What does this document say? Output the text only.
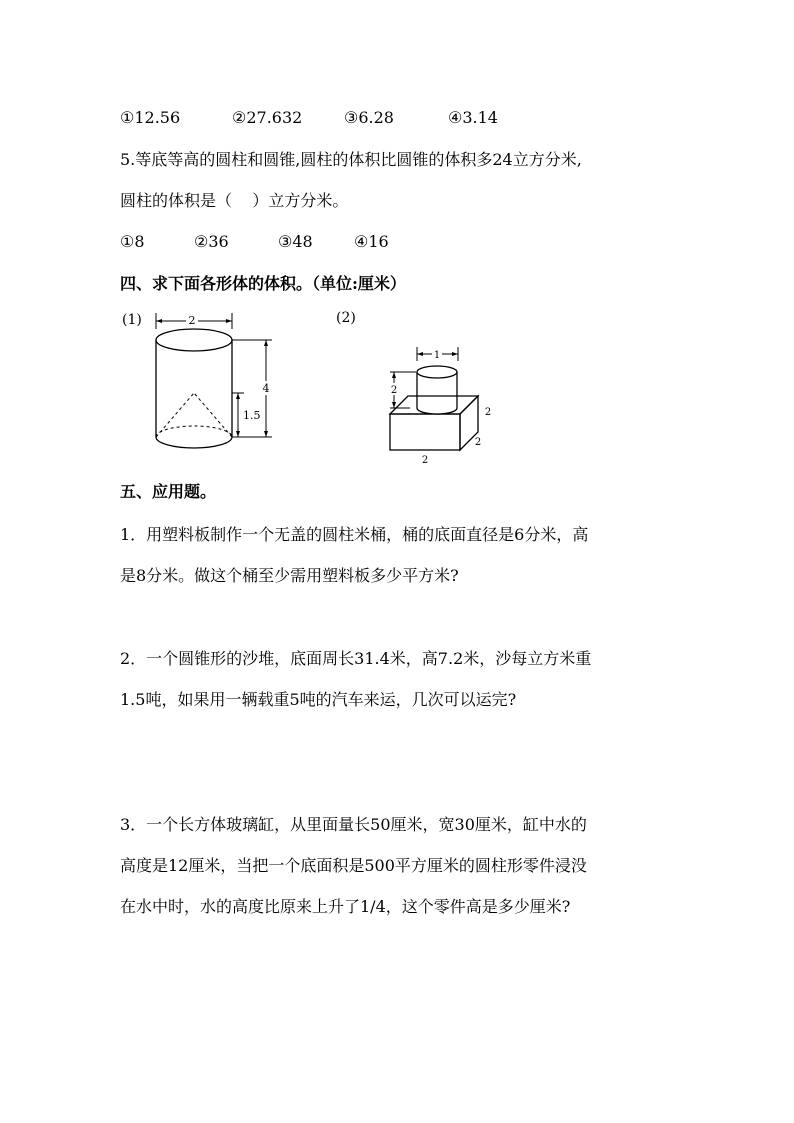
①12.56	②27.632	③6.28	④3.14
5.等底等高的圆柱和圆锥,圆柱的体积比圆锥的体积多24立方分米,
圆柱的体积是（    ）立方分米。
①8	②36	③48	④16
四、求下面各形体的体积。（单位:厘米）
(1)	(2)
2
4
1.5
1
2
2
2
2
五、应用题。
1．用塑料板制作一个无盖的圆柱米桶，桶的底面直径是6分米，高
是8分米。做这个桶至少需用塑料板多少平方米?
2．一个圆锥形的沙堆，底面周长31.4米，高7.2米，沙每立方米重
1.5吨，如果用一辆载重5吨的汽车来运，几次可以运完?
3．一个长方体玻璃缸，从里面量长50厘米，宽30厘米，缸中水的
高度是12厘米，当把一个底面积是500平方厘米的圆柱形零件浸没
在水中时，水的高度比原来上升了1/4，这个零件高是多少厘米?
